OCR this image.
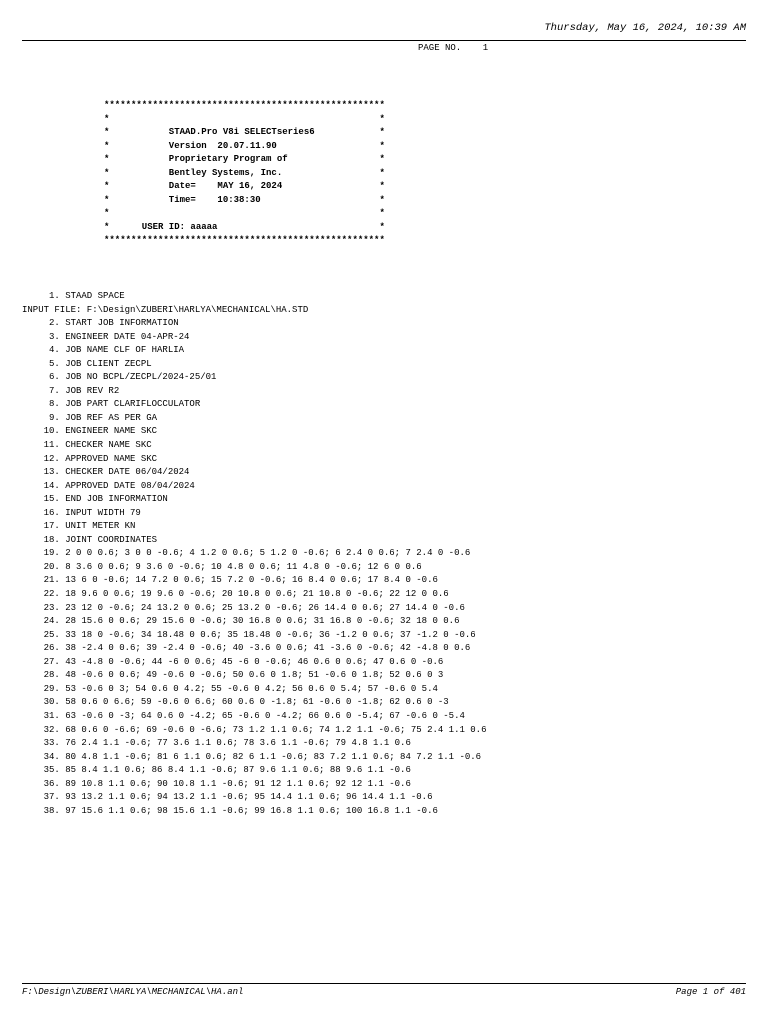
Thursday, May 16, 2024, 10:39 AM
PAGE NO.    1
****************************************************
*                                                  *
*           STAAD.Pro V8i SELECTseries6            *
*           Version  20.07.11.90                   *
*           Proprietary Program of                 *
*           Bentley Systems, Inc.                  *
*           Date=    MAY 16, 2024                  *
*           Time=    10:38:30                      *
*                                                  *
*      USER ID: aaaaa                              *
****************************************************
1. STAAD SPACE
INPUT FILE: F:\Design\ZUBERI\HARLYA\MECHANICAL\HA.STD
2. START JOB INFORMATION
3. ENGINEER DATE 04-APR-24
4. JOB NAME CLF OF HARLIA
5. JOB CLIENT ZECPL
6. JOB NO BCPL/ZECPL/2024-25/01
7. JOB REV R2
8. JOB PART CLARIFLOCCULATOR
9. JOB REF AS PER GA
10. ENGINEER NAME SKC
11. CHECKER NAME SKC
12. APPROVED NAME SKC
13. CHECKER DATE 06/04/2024
14. APPROVED DATE 08/04/2024
15. END JOB INFORMATION
16. INPUT WIDTH 79
17. UNIT METER KN
18. JOINT COORDINATES
19. 2 0 0 0.6; 3 0 0 -0.6; 4 1.2 0 0.6; 5 1.2 0 -0.6; 6 2.4 0 0.6; 7 2.4 0 -0.6
20. 8 3.6 0 0.6; 9 3.6 0 -0.6; 10 4.8 0 0.6; 11 4.8 0 -0.6; 12 6 0 0.6
21. 13 6 0 -0.6; 14 7.2 0 0.6; 15 7.2 0 -0.6; 16 8.4 0 0.6; 17 8.4 0 -0.6
22. 18 9.6 0 0.6; 19 9.6 0 -0.6; 20 10.8 0 0.6; 21 10.8 0 -0.6; 22 12 0 0.6
23. 23 12 0 -0.6; 24 13.2 0 0.6; 25 13.2 0 -0.6; 26 14.4 0 0.6; 27 14.4 0 -0.6
24. 28 15.6 0 0.6; 29 15.6 0 -0.6; 30 16.8 0 0.6; 31 16.8 0 -0.6; 32 18 0 0.6
25. 33 18 0 -0.6; 34 18.48 0 0.6; 35 18.48 0 -0.6; 36 -1.2 0 0.6; 37 -1.2 0 -0.6
26. 38 -2.4 0 0.6; 39 -2.4 0 -0.6; 40 -3.6 0 0.6; 41 -3.6 0 -0.6; 42 -4.8 0 0.6
27. 43 -4.8 0 -0.6; 44 -6 0 0.6; 45 -6 0 -0.6; 46 0.6 0 0.6; 47 0.6 0 -0.6
28. 48 -0.6 0 0.6; 49 -0.6 0 -0.6; 50 0.6 0 1.8; 51 -0.6 0 1.8; 52 0.6 0 3
29. 53 -0.6 0 3; 54 0.6 0 4.2; 55 -0.6 0 4.2; 56 0.6 0 5.4; 57 -0.6 0 5.4
30. 58 0.6 0 6.6; 59 -0.6 0 6.6; 60 0.6 0 -1.8; 61 -0.6 0 -1.8; 62 0.6 0 -3
31. 63 -0.6 0 -3; 64 0.6 0 -4.2; 65 -0.6 0 -4.2; 66 0.6 0 -5.4; 67 -0.6 0 -5.4
32. 68 0.6 0 -6.6; 69 -0.6 0 -6.6; 73 1.2 1.1 0.6; 74 1.2 1.1 -0.6; 75 2.4 1.1 0.6
33. 76 2.4 1.1 -0.6; 77 3.6 1.1 0.6; 78 3.6 1.1 -0.6; 79 4.8 1.1 0.6
34. 80 4.8 1.1 -0.6; 81 6 1.1 0.6; 82 6 1.1 -0.6; 83 7.2 1.1 0.6; 84 7.2 1.1 -0.6
35. 85 8.4 1.1 0.6; 86 8.4 1.1 -0.6; 87 9.6 1.1 0.6; 88 9.6 1.1 -0.6
36. 89 10.8 1.1 0.6; 90 10.8 1.1 -0.6; 91 12 1.1 0.6; 92 12 1.1 -0.6
37. 93 13.2 1.1 0.6; 94 13.2 1.1 -0.6; 95 14.4 1.1 0.6; 96 14.4 1.1 -0.6
38. 97 15.6 1.1 0.6; 98 15.6 1.1 -0.6; 99 16.8 1.1 0.6; 100 16.8 1.1 -0.6
F:\Design\ZUBERI\HARLYA\MECHANICAL\HA.anl	Page 1 of 401
